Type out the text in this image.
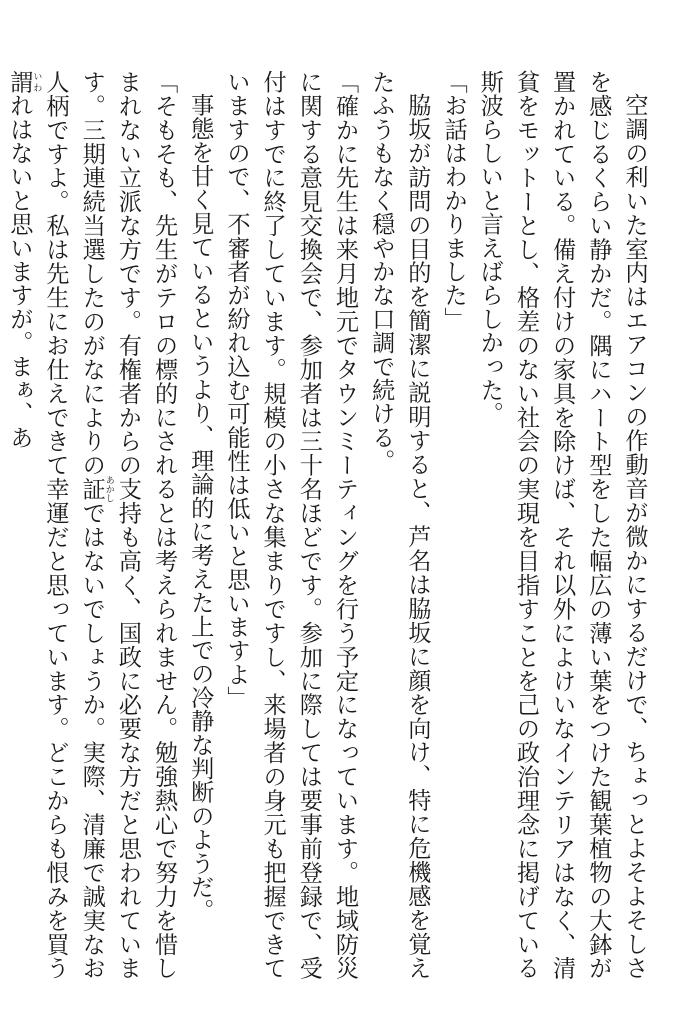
空調の利いた室内はエアコンの作動音が微かにするだけで、ちょっとよそよそしさを感じるくらい静かだ。隅にハート型をした幅広の薄い葉をつけた観葉植物の大鉢が置かれている。備え付けの家具を除けば、それ以外によけいなインテリアはなく、清貧をモットーとし、格差のない社会の実現を目指すことを己の政治理念に掲げている斯波らしいと言えばらしかった。

「お話はわかりました」

脇坂が訪問の目的を簡潔に説明すると、芦名は脇坂に顔を向け、特に危機感を覚えたふうもなく穏やかな口調で続ける。

「確かに先生は来月地元でタウンミーティングを行う予定になっています。地域防災に関する意見交換会で、参加者は三十名ほどです。参加に際しては要事前登録で、受付はすでに終了しています。規模の小さな集まりですし、来場者の身元も把握できていますので、不審者が紛れ込む可能性は低いと思いますよ」

事態を甘く見ているというより、理論的に考えた上での冷静な判断のようだ。

「そもそも、先生がテロの標的にされるとは考えられません。勉強熱心で努力を惜しまれない立派な方です。有権者からの支持も高く、国政に必要な方だと思われています。三期連続当選したのがなによりの証あかしではないでしょうか。実際、清廉で誠実なお人柄ですよ。私は先生にお仕えできて幸運だと思っています。どこからも恨みを買う謂いわれはないと思いますが。まぁ、あ
